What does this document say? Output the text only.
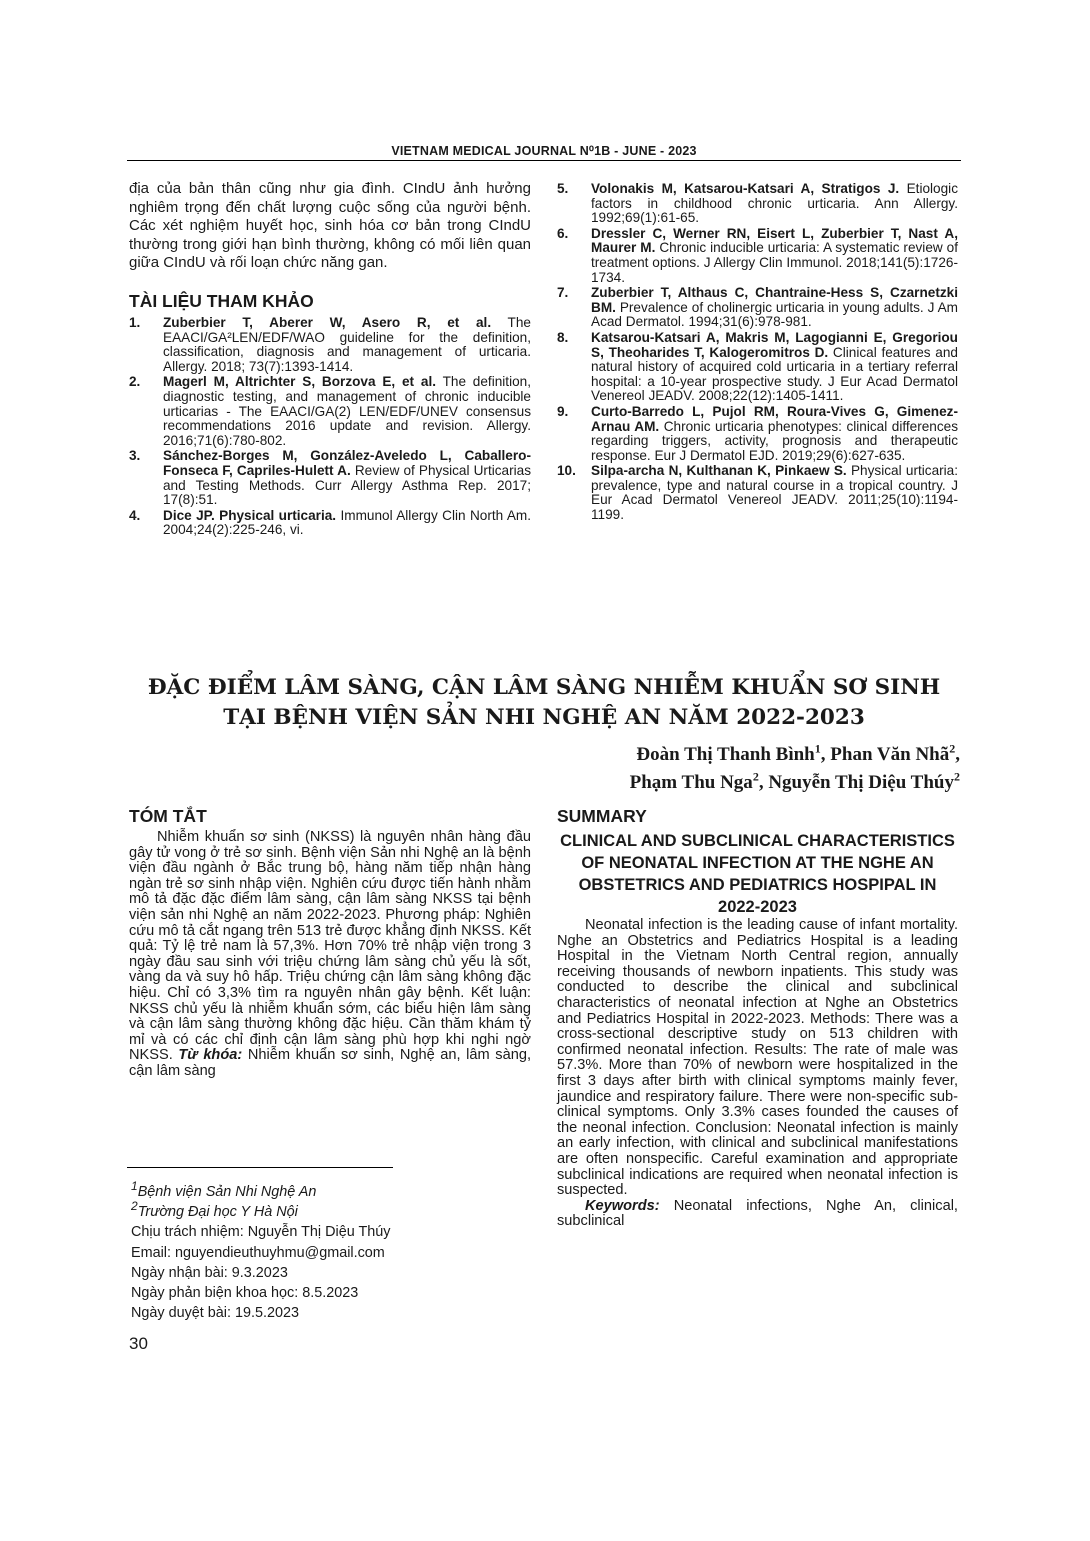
VIETNAM MEDICAL JOURNAL N⁰1B - JUNE - 2023

địa của bản thân cũng như gia đình. CIndU ảnh hưởng nghiêm trọng đến chất lượng cuộc sống của người bệnh. Các xét nghiệm huyết học, sinh hóa cơ bản trong CIndU thường trong giới hạn bình thường, không có mối liên quan giữa CIndU và rối loạn chức năng gan.

TÀI LIỆU THAM KHẢO
1.	Zuberbier T, Aberer W, Asero R, et al. The EAACI/GA²LEN/EDF/WAO guideline for the definition, classification, diagnosis and management of urticaria. Allergy. 2018; 73(7):1393-1414.
2.	Magerl M, Altrichter S, Borzova E, et al. The definition, diagnostic testing, and management of chronic inducible urticarias - The EAACI/GA(2) LEN/EDF/UNEV consensus recommendations 2016 update and revision. Allergy. 2016;71(6):780-802.
3.	Sánchez-Borges M, González-Aveledo L, Caballero-Fonseca F, Capriles-Hulett A. Review of Physical Urticarias and Testing Methods. Curr Allergy Asthma Rep. 2017; 17(8):51.
4.	Dice JP. Physical urticaria. Immunol Allergy Clin North Am. 2004;24(2):225-246, vi.
5.	Volonakis M, Katsarou-Katsari A, Stratigos J. Etiologic factors in childhood chronic urticaria. Ann Allergy. 1992;69(1):61-65.
6.	Dressler C, Werner RN, Eisert L, Zuberbier T, Nast A, Maurer M. Chronic inducible urticaria: A systematic review of treatment options. J Allergy Clin Immunol. 2018;141(5):1726-1734.
7.	Zuberbier T, Althaus C, Chantraine-Hess S, Czarnetzki BM. Prevalence of cholinergic urticaria in young adults. J Am Acad Dermatol. 1994;31(6):978-981.
8.	Katsarou-Katsari A, Makris M, Lagogianni E, Gregoriou S, Theoharides T, Kalogeromitros D. Clinical features and natural history of acquired cold urticaria in a tertiary referral hospital: a 10-year prospective study. J Eur Acad Dermatol Venereol JEADV. 2008;22(12):1405-1411.
9.	Curto-Barredo L, Pujol RM, Roura-Vives G, Gimenez-Arnau AM. Chronic urticaria phenotypes: clinical differences regarding triggers, activity, prognosis and therapeutic response. Eur J Dermatol EJD. 2019;29(6):627-635.
10.	Silpa-archa N, Kulthanan K, Pinkaew S. Physical urticaria: prevalence, type and natural course in a tropical country. J Eur Acad Dermatol Venereol JEADV. 2011;25(10):1194-1199.
ĐẶC ĐIỂM LÂM SÀNG, CẬN LÂM SÀNG NHIỄM KHUẨN SƠ SINH
TẠI BỆNH VIỆN SẢN NHI NGHỆ AN NĂM 2022-2023
Đoàn Thị Thanh Bình$^1$, Phan Văn Nhã$^2$,
Phạm Thu Nga$^2$, Nguyễn Thị Diệu Thúy$^2$
TÓM TẮT

Nhiễm khuẩn sơ sinh (NKSS) là nguyên nhân hàng đầu gây tử vong ở trẻ sơ sinh. Bệnh viện Sản nhi Nghệ an là bệnh viện đầu ngành ở Bắc trung bộ, hàng năm tiếp nhận hàng ngàn trẻ sơ sinh nhập viện. Nghiên cứu được tiến hành nhằm mô tả đặc đặc điểm lâm sàng, cận lâm sàng NKSS tại bệnh viện sản nhi Nghệ an năm 2022-2023. Phương pháp: Nghiên cứu mô tả cắt ngang trên 513 trẻ được khẳng định NKSS. Kết quả: Tỷ lệ trẻ nam là 57,3%. Hơn 70% trẻ nhập viện trong 3 ngày đầu sau sinh với triệu chứng lâm sàng chủ yếu là sốt, vàng da và suy hô hấp. Triệu chứng cận lâm sàng không đặc hiệu. Chỉ có 3,3% tìm ra nguyên nhân gây bệnh. Kết luận: NKSS chủ yếu là nhiễm khuẩn sớm, các biểu hiện lâm sàng và cận lâm sàng thường không đặc hiệu. Cần thăm khám tỷ mỉ và có các chỉ định cận lâm sàng phù hợp khi nghi ngờ NKSS. Từ khóa: Nhiễm khuẩn sơ sinh, Nghệ an, lâm sàng, cận lâm sàng

$^1$Bệnh viện Sản Nhi Nghệ An
$^2$Trường Đại học Y Hà Nội
Chịu trách nhiệm: Nguyễn Thị Diệu Thúy
Email: nguyendieuthuyhmu@gmail.com
Ngày nhận bài: 9.3.2023
Ngày phản biện khoa học: 8.5.2023
Ngày duyệt bài: 19.5.2023
30
SUMMARY
CLINICAL AND SUBCLINICAL CHARACTERISTICS OF NEONATAL INFECTION AT THE NGHE AN OBSTETRICS AND PEDIATRICS HOSPIPAL IN 2022-2023

Neonatal infection is the leading cause of infant mortality. Nghe an Obstetrics and Pediatrics Hospital is a leading Hospital in the Vietnam North Central region, annually receiving thousands of newborn inpatients. This study was conducted to describe the clinical and subclinical characteristics of neonatal infection at Nghe an Obstetrics and Pediatrics Hospital in 2022-2023. Methods: There was a cross-sectional descriptive study on 513 children with confirmed neonatal infection. Results: The rate of male was 57.3%. More than 70% of newborn were hospitalized in the first 3 days after birth with clinical symptoms mainly fever, jaundice and respiratory failure. There were non-specific sub-clinical symptoms. Only 3.3% cases founded the causes of the neonal infection. Conclusion: Neonatal infection is mainly an early infection, with clinical and subclinical manifestations are often nonspecific. Careful examination and appropriate subclinical indications are required when neonatal infection is suspected.

Keywords: Neonatal infections, Nghe An, clinical, subclinical
